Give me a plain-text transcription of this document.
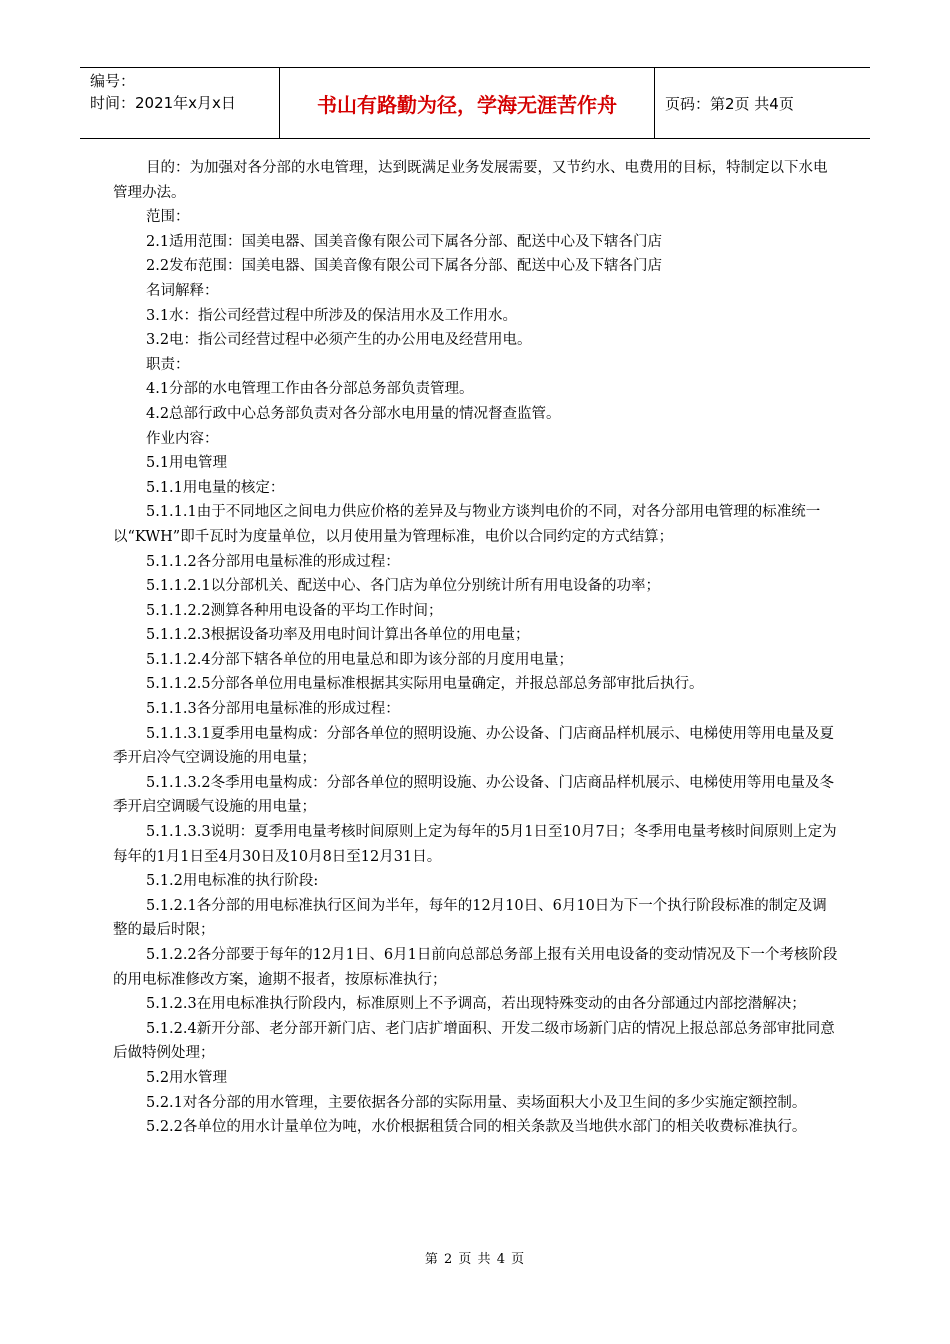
编号：
时间：2021年x月x日	书山有路勤为径，学海无涯苦作舟	页码：第2页 共4页

目的：为加强对各分部的水电管理，达到既满足业务发展需要，又节约水、电费用的目标，特制定以下水电管理办法。

范围：

2.1适用范围：国美电器、国美音像有限公司下属各分部、配送中心及下辖各门店

2.2发布范围：国美电器、国美音像有限公司下属各分部、配送中心及下辖各门店

名词解释：

3.1水：指公司经营过程中所涉及的保洁用水及工作用水。

3.2电：指公司经营过程中必须产生的办公用电及经营用电。

职责：

4.1分部的水电管理工作由各分部总务部负责管理。

4.2总部行政中心总务部负责对各分部水电用量的情况督查监管。

作业内容：

5.1用电管理

5.1.1用电量的核定：

5.1.1.1由于不同地区之间电力供应价格的差异及与物业方谈判电价的不同，对各分部用电管理的标准统一以“KWH”即千瓦时为度量单位，以月使用量为管理标准，电价以合同约定的方式结算；

5.1.1.2各分部用电量标准的形成过程：

5.1.1.2.1以分部机关、配送中心、各门店为单位分别统计所有用电设备的功率；

5.1.1.2.2测算各种用电设备的平均工作时间；

5.1.1.2.3根据设备功率及用电时间计算出各单位的用电量；

5.1.1.2.4分部下辖各单位的用电量总和即为该分部的月度用电量；

5.1.1.2.5分部各单位用电量标准根据其实际用电量确定，并报总部总务部审批后执行。

5.1.1.3各分部用电量标准的形成过程：

5.1.1.3.1夏季用电量构成：分部各单位的照明设施、办公设备、门店商品样机展示、电梯使用等用电量及夏季开启冷气空调设施的用电量；

5.1.1.3.2冬季用电量构成：分部各单位的照明设施、办公设备、门店商品样机展示、电梯使用等用电量及冬季开启空调暖气设施的用电量；

5.1.1.3.3说明：夏季用电量考核时间原则上定为每年的5月1日至10月7日；冬季用电量考核时间原则上定为每年的1月1日至4月30日及10月8日至12月31日。

5.1.2用电标准的执行阶段:

5.1.2.1各分部的用电标准执行区间为半年，每年的12月10日、6月10日为下一个执行阶段标准的制定及调整的最后时限；

5.1.2.2各分部要于每年的12月1日、6月1日前向总部总务部上报有关用电设备的变动情况及下一个考核阶段的用电标准修改方案，逾期不报者，按原标准执行；

5.1.2.3在用电标准执行阶段内，标准原则上不予调高，若出现特殊变动的由各分部通过内部挖潜解决；

5.1.2.4新开分部、老分部开新门店、老门店扩增面积、开发二级市场新门店的情况上报总部总务部审批同意后做特例处理；

5.2用水管理

5.2.1对各分部的用水管理，主要依据各分部的实际用量、卖场面积大小及卫生间的多少实施定额控制。

5.2.2各单位的用水计量单位为吨，水价根据租赁合同的相关条款及当地供水部门的相关收费标准执行。

第 2 页 共 4 页
